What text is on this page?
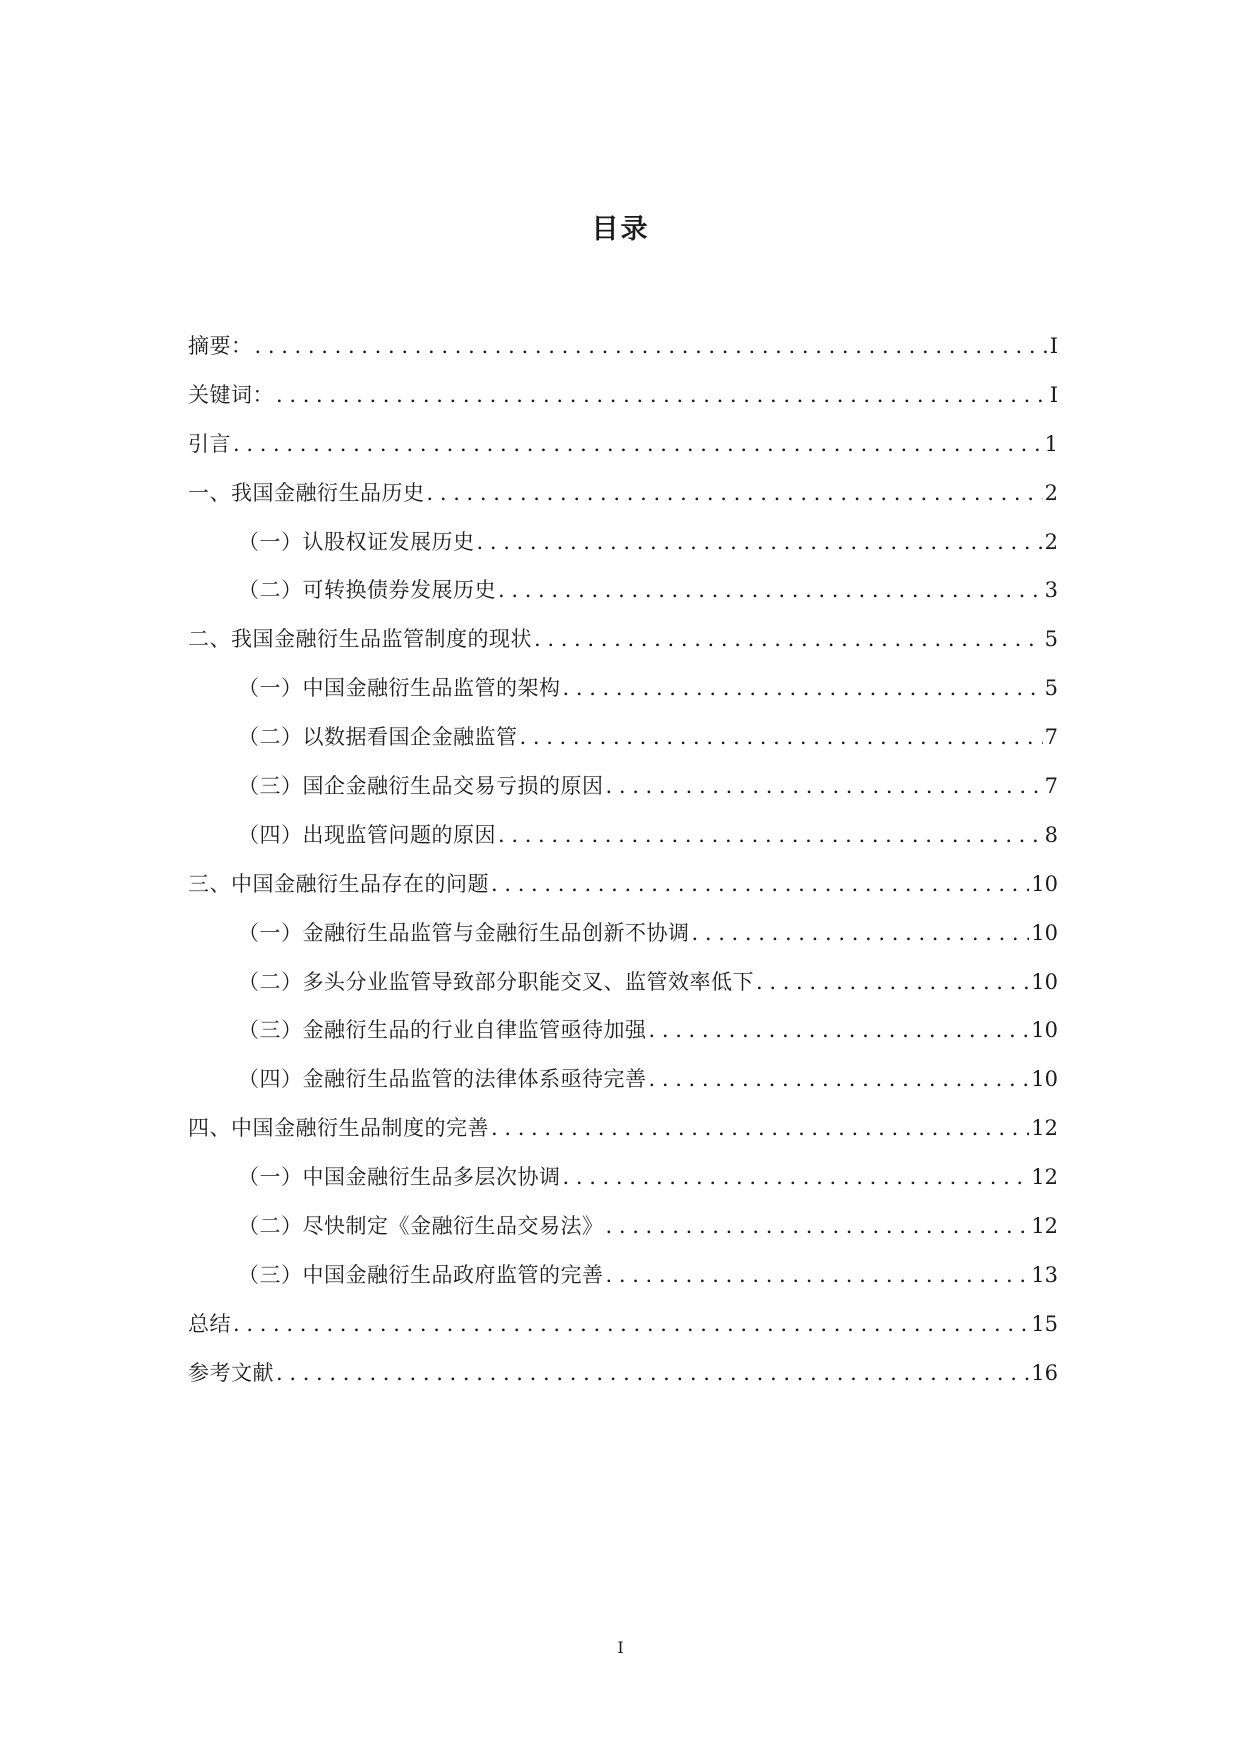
目录
摘要： . . .	I
关键词： . . .	I
引言 . . .	1
一、我国金融衍生品历史 . . .	2
（一）认股权证发展历史 . . .	2
（二）可转换债券发展历史 . . .	3
二、我国金融衍生品监管制度的现状 . . .	5
（一）中国金融衍生品监管的架构 . . .	5
（二）以数据看国企金融监管 . . .	7
（三）国企金融衍生品交易亏损的原因 . . .	7
（四）出现监管问题的原因 . . .	8
三、中国金融衍生品存在的问题 . . .	10
（一）金融衍生品监管与金融衍生品创新不协调 . . .	10
（二）多头分业监管导致部分职能交叉、监管效率低下 . . .	10
（三）金融衍生品的行业自律监管亟待加强 . . .	10
（四）金融衍生品监管的法律体系亟待完善 . . .	10
四、中国金融衍生品制度的完善 . . .	12
（一）中国金融衍生品多层次协调 . . .	12
（二）尽快制定《金融衍生品交易法》 . . .	12
（三）中国金融衍生品政府监管的完善 . . .	13
总结 . . .	15
参考文献 . . .	16
I
